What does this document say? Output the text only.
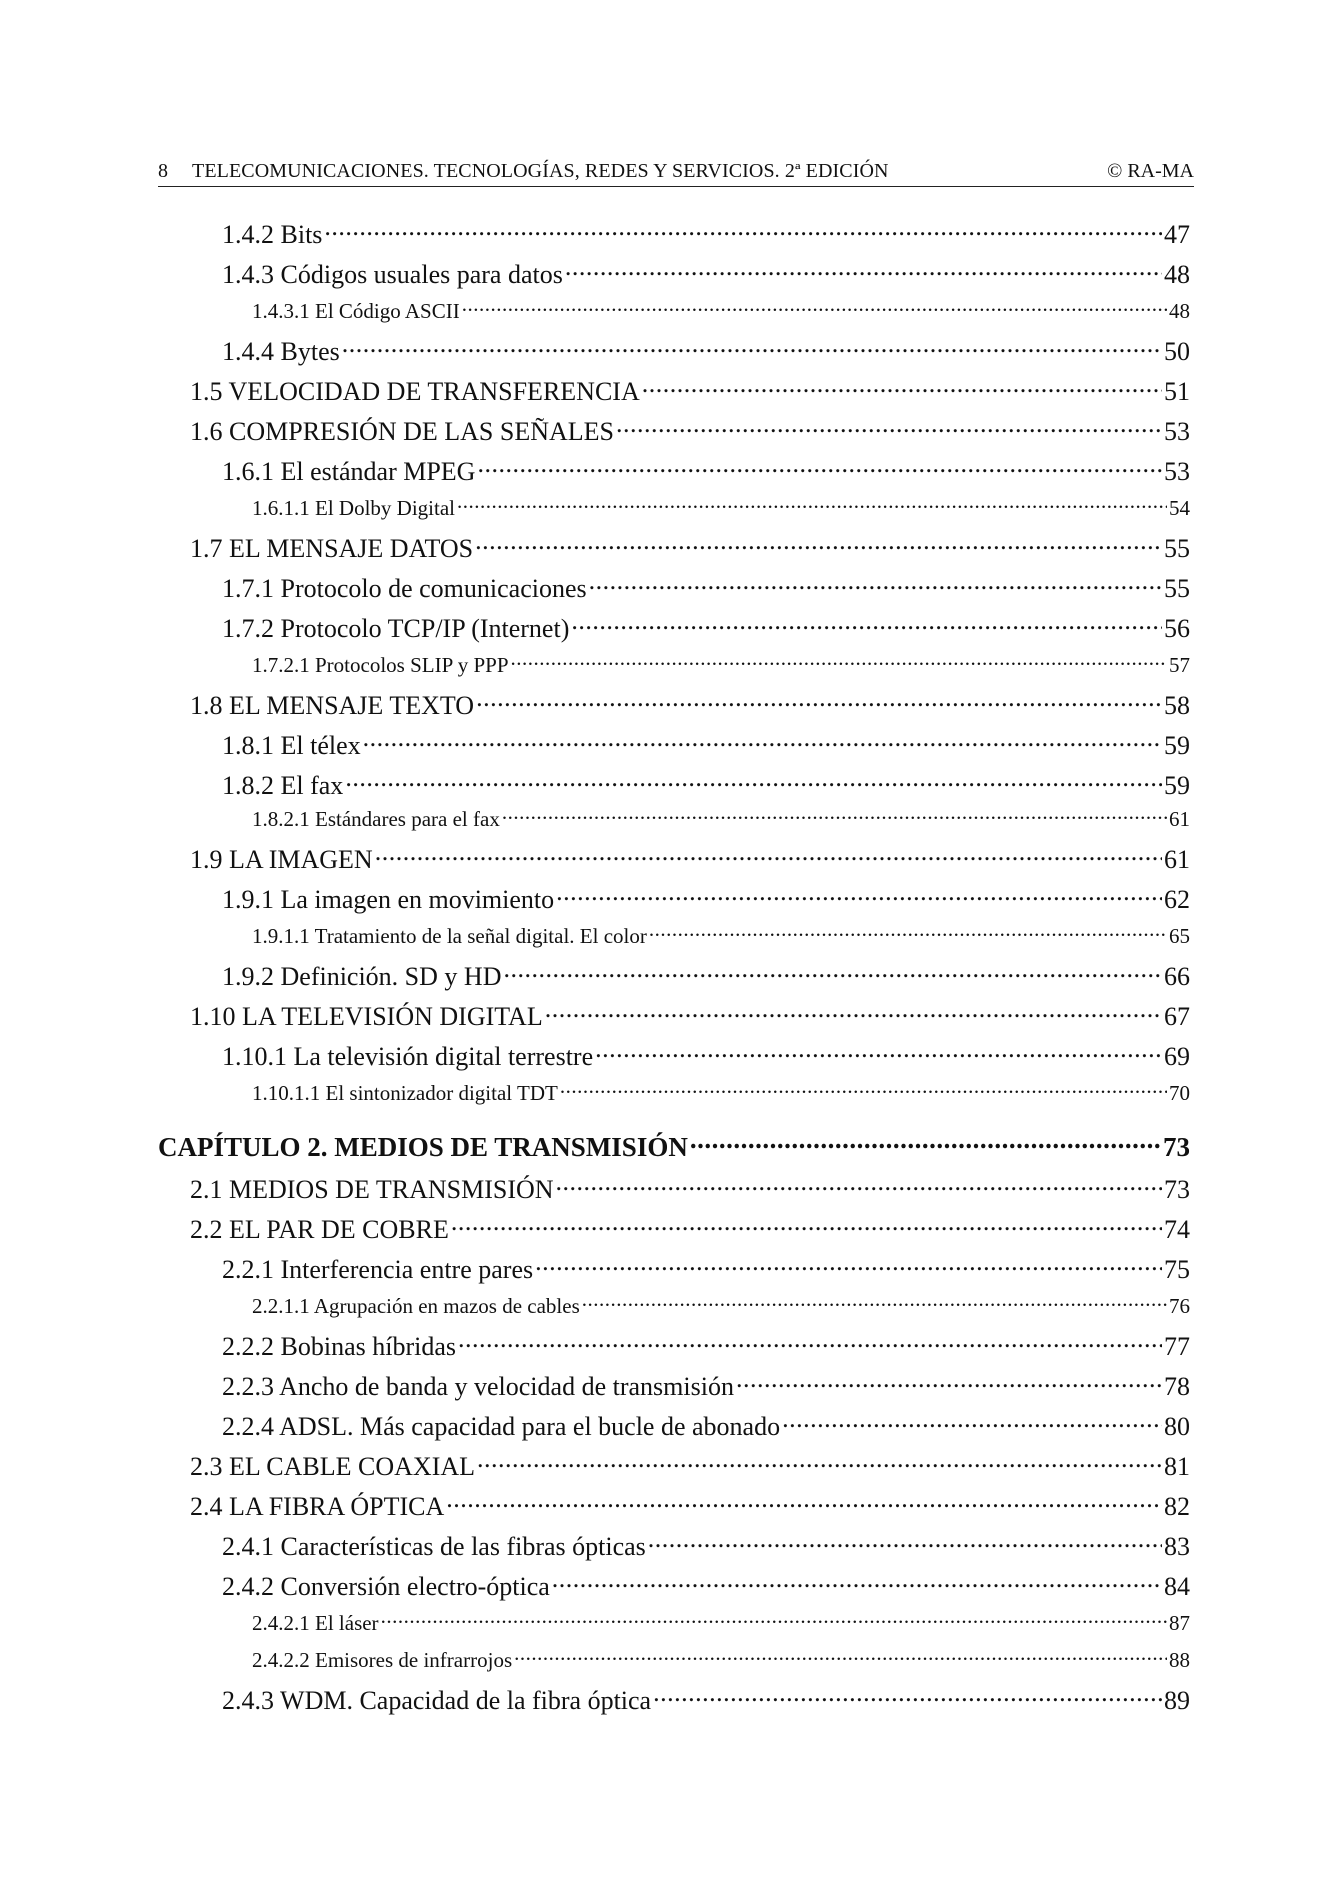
8 TELECOMUNICACIONES. TECNOLOGÍAS, REDES Y SERVICIOS. 2ª EDICIÓN	© RA-MA
1.4.2 Bits .....	47
1.4.3 Códigos usuales para datos .....	48
1.4.3.1 El Código ASCII .....	48
1.4.4 Bytes .....	50
1.5 VELOCIDAD DE TRANSFERENCIA .....	51
1.6 COMPRESIÓN DE LAS SEÑALES .....	53
1.6.1 El estándar MPEG .....	53
1.6.1.1 El Dolby Digital .....	54
1.7 EL MENSAJE DATOS .....	55
1.7.1 Protocolo de comunicaciones .....	55
1.7.2 Protocolo TCP/IP (Internet) .....	56
1.7.2.1 Protocolos SLIP y PPP .....	57
1.8 EL MENSAJE TEXTO .....	58
1.8.1 El télex .....	59
1.8.2 El fax .....	59
1.8.2.1 Estándares para el fax .....	61
1.9 LA IMAGEN .....	61
1.9.1 La imagen en movimiento .....	62
1.9.1.1 Tratamiento de la señal digital. El color .....	65
1.9.2 Definición. SD y HD .....	66
1.10 LA TELEVISIÓN DIGITAL .....	67
1.10.1 La televisión digital terrestre .....	69
1.10.1.1 El sintonizador digital TDT .....	70
CAPÍTULO 2. MEDIOS DE TRANSMISIÓN .....	73
2.1 MEDIOS DE TRANSMISIÓN .....	73
2.2 EL PAR DE COBRE .....	74
2.2.1 Interferencia entre pares .....	75
2.2.1.1 Agrupación en mazos de cables .....	76
2.2.2 Bobinas híbridas .....	77
2.2.3 Ancho de banda y velocidad de transmisión .....	78
2.2.4 ADSL. Más capacidad para el bucle de abonado .....	80
2.3 EL CABLE COAXIAL .....	81
2.4 LA FIBRA ÓPTICA .....	82
2.4.1 Características de las fibras ópticas .....	83
2.4.2 Conversión electro-óptica .....	84
2.4.2.1 El láser .....	87
2.4.2.2 Emisores de infrarrojos .....	88
2.4.3 WDM. Capacidad de la fibra óptica .....	89
